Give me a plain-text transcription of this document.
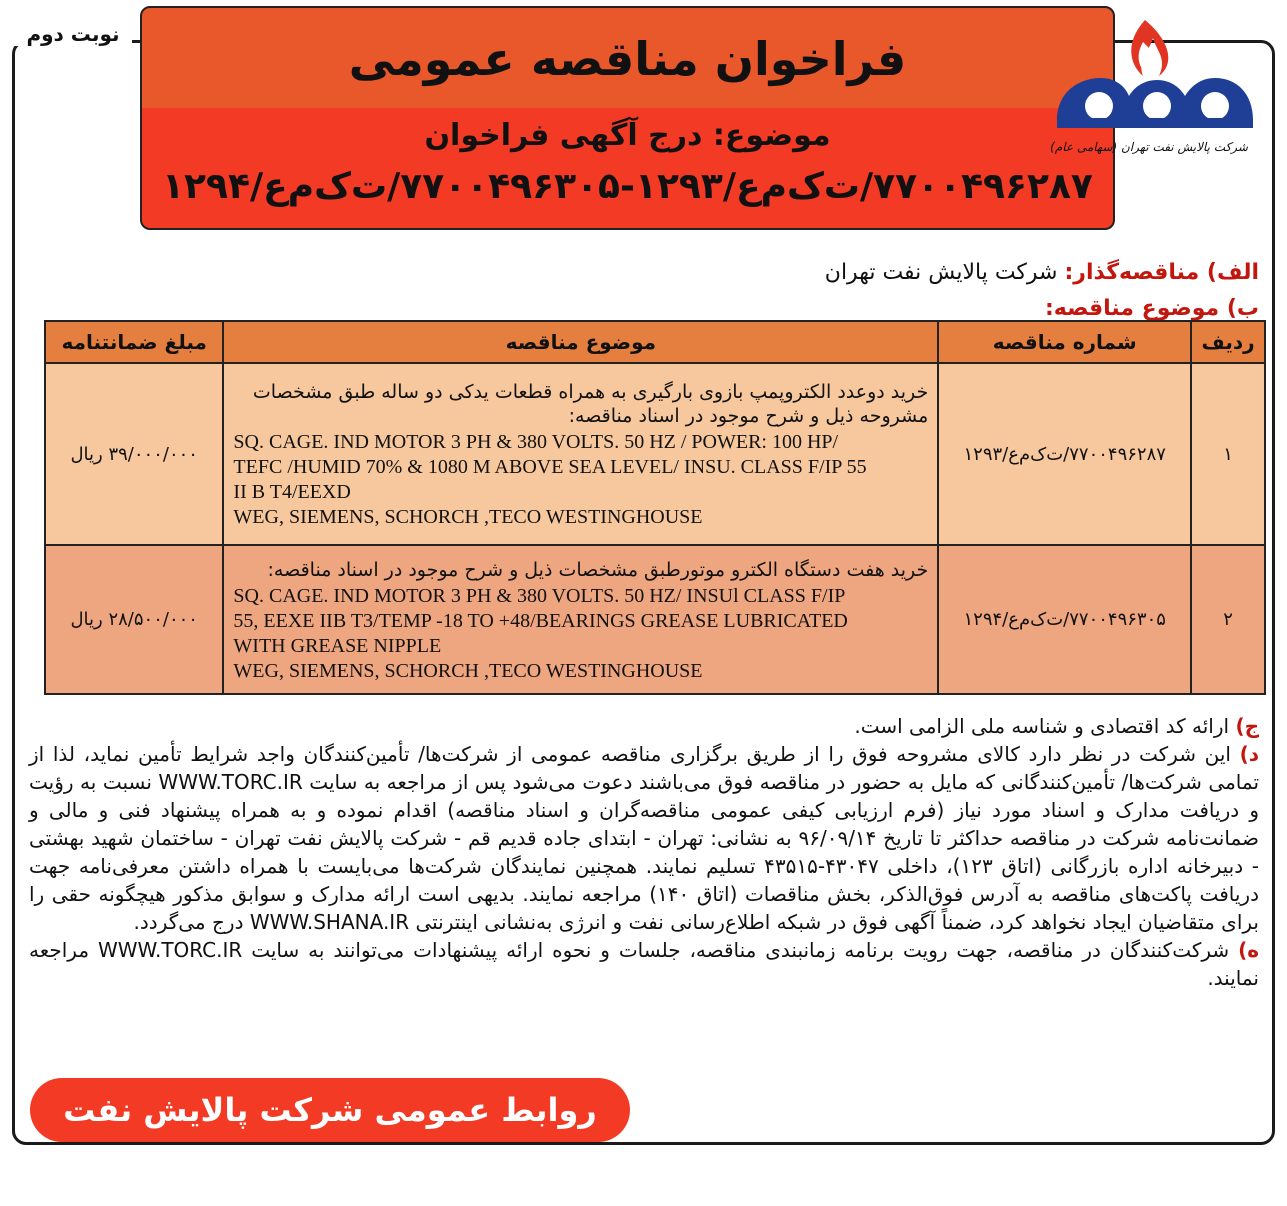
نوبت دوم	فراخوان مناقصه عمومی
موضوع: درج آگهی فراخوان
۷۷۰۰۴۹۶۲۸۷/ت‌ک‌م‌ع/۱۲۹۳-۷۷۰۰۴۹۶۳۰۵/ت‌ک‌م‌ع/۱۲۹۴
شرکت پالایش نفت تهران (سهامی عام)
الف) مناقصه‌گذار: شرکت پالایش نفت تهران
ب) موضوع مناقصه:
ردیف	شماره مناقصه	موضوع مناقصه	مبلغ ضمانتنامه
۱	۷۷۰۰۴۹۶۲۸۷/ت‌ک‌م‌ع/۱۲۹۳	خرید دوعدد الکتروپمپ بازوی بارگیری به همراه قطعات یدکی دو ساله طبق مشخصات مشروحه ذیل و شرح موجود در اسناد مناقصه:
SQ. CAGE. IND MOTOR 3 PH & 380 VOLTS. 50 HZ / POWER: 100 HP/
TEFC /HUMID 70% & 1080 M ABOVE SEA LEVEL/ INSU. CLASS F/IP 55
II B T4/EEXD
WEG, SIEMENS, SCHORCH ,TECO WESTINGHOUSE	۳۹/۰۰۰/۰۰۰ ریال
۲	۷۷۰۰۴۹۶۳۰۵/ت‌ک‌م‌ع/۱۲۹۴	خرید هفت دستگاه الکترو موتورطبق مشخصات ذیل و شرح موجود در اسناد مناقصه:
SQ. CAGE. IND MOTOR 3 PH & 380 VOLTS. 50 HZ/ INSUl CLASS F/IP
55, EEXE IIB T3/TEMP -18 TO +48/BEARINGS GREASE LUBRICATED
WITH GREASE NIPPLE
WEG, SIEMENS, SCHORCH ,TECO WESTINGHOUSE	۲۸/۵۰۰/۰۰۰ ریال

ج) ارائه کد اقتصادی و شناسه ملی الزامی است.

د) این شرکت در نظر دارد کالای مشروحه فوق را از طریق برگزاری مناقصه عمومی از شرکت‌ها/ تأمین‌کنندگان واجد شرایط تأمین نماید، لذا از تمامی شرکت‌ها/ تأمین‌کنندگانی که مایل به حضور در مناقصه فوق می‌باشند دعوت می‌شود پس از مراجعه به سایت WWW.TORC.IR نسبت به رؤیت و دریافت مدارک و اسناد مورد نیاز (فرم ارزیابی کیفی عمومی مناقصه‌گران و اسناد مناقصه) اقدام نموده و به همراه پیشنهاد فنی و مالی و ضمانت‌نامه شرکت در مناقصه حداکثر تا تاریخ ۹۶/۰۹/۱۴ به نشانی: تهران - ابتدای جاده قدیم قم - شرکت پالایش نفت تهران - ساختمان شهید بهشتی - دبیرخانه اداره بازرگانی (اتاق ۱۲۳)، داخلی ۴۳۰۴۷-۴۳۵۱۵ تسلیم نمایند. همچنین نمایندگان شرکت‌ها می‌بایست با همراه داشتن معرفی‌نامه جهت دریافت پاکت‌های مناقصه به آدرس فوق‌الذکر، بخش مناقصات (اتاق ۱۴۰) مراجعه نمایند. بدیهی است ارائه مدارک و سوابق مذکور هیچگونه حقی را برای متقاضیان ایجاد نخواهد کرد، ضمناً آگهی فوق در شبکه اطلاع‌رسانی نفت و انرژی به‌نشانی اینترنتی WWW.SHANA.IR درج می‌گردد.

ه) شرکت‌کنندگان در مناقصه، جهت رویت برنامه زمانبندی مناقصه، جلسات و نحوه ارائه پیشنهادات می‌توانند به سایت WWW.TORC.IR مراجعه نمایند.

روابط عمومی شرکت پالایش نفت تهران
